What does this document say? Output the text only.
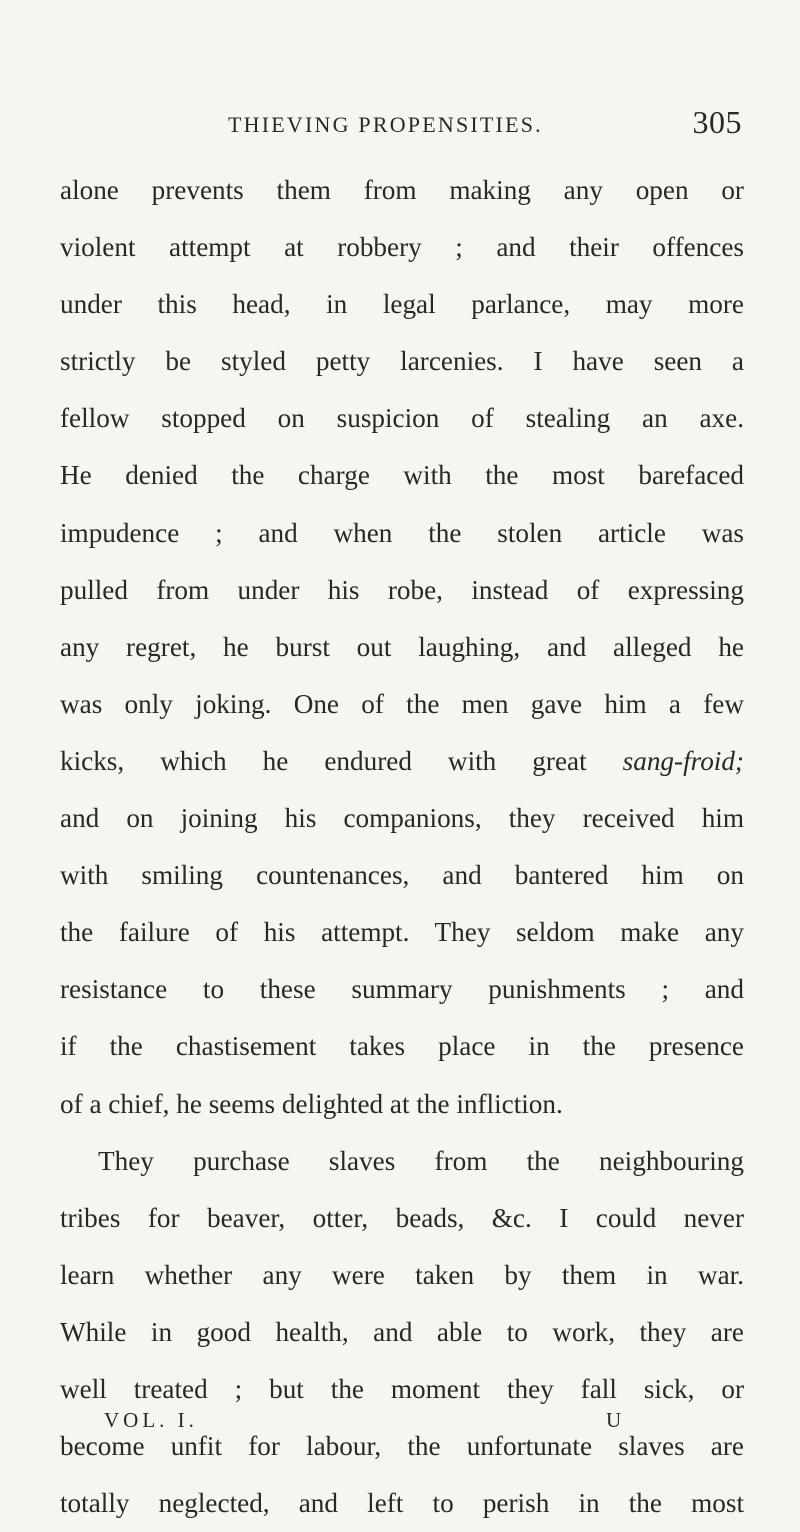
THIEVING PROPENSITIES.	305
alone prevents them from making any open or
violent attempt at robbery ; and their offences
under this head, in legal parlance, may more
strictly be styled petty larcenies. I have seen a
fellow stopped on suspicion of stealing an axe.
He denied the charge with the most barefaced
impudence ; and when the stolen article was
pulled from under his robe, instead of expressing
any regret, he burst out laughing, and alleged he
was only joking. One of the men gave him a few
kicks, which he endured with great sang-froid;
and on joining his companions, they received him
with smiling countenances, and bantered him on
the failure of his attempt. They seldom make any
resistance to these summary punishments ; and
if the chastisement takes place in the presence
of a chief, he seems delighted at the infliction.
They purchase slaves from the neighbouring
tribes for beaver, otter, beads, &c. I could never
learn whether any were taken by them in war.
While in good health, and able to work, they are
well treated ; but the moment they fall sick, or
become unfit for labour, the unfortunate slaves are
totally neglected, and left to perish in the most
VOL. I.	U
